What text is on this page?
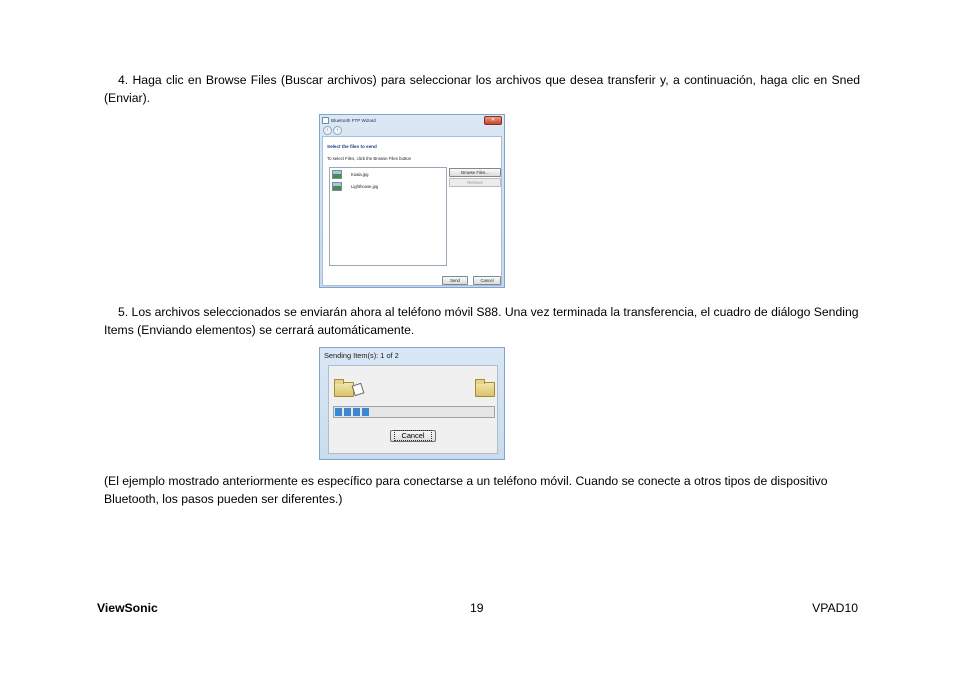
4. Haga clic en Browse Files (Buscar archivos) para seleccionar los archivos que desea transferir y, a continuación, haga clic en Sned (Enviar).

Bluetooth FTP Wizard	✕
‹	›
Select the files to send
To select Files, click the Browse Files button
Koala.jpg
Lighthouse.jpg
Browse Files...
Remove
Send	Cancel

5. Los archivos seleccionados se enviarán ahora al teléfono móvil S88. Una vez terminada la transferencia, el cuadro de diálogo Sending Items (Enviando elementos) se cerrará automáticamente.

Sending Item(s): 1 of 2
Cancel

(El ejemplo mostrado anteriormente es específico para conectarse a un teléfono móvil. Cuando se conecte a otros tipos de dispositivo Bluetooth, los pasos pueden ser diferentes.)

ViewSonic	19	VPAD10
